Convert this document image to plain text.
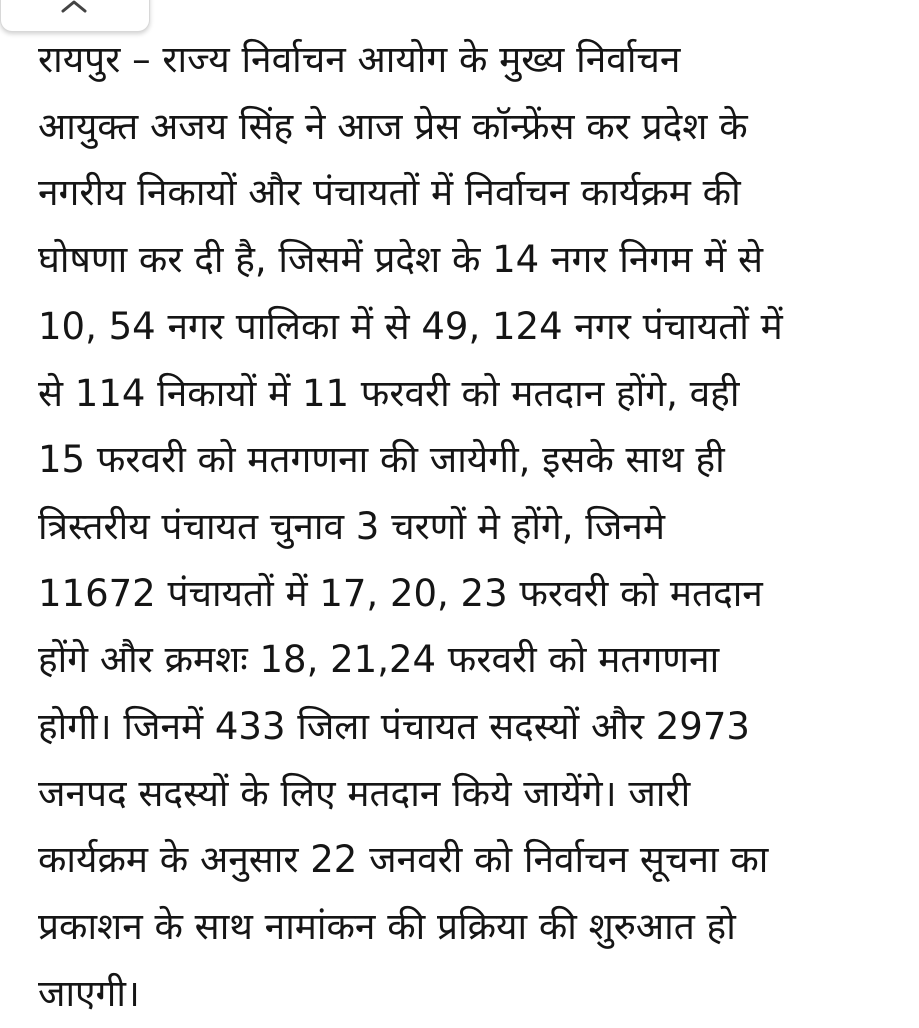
रायपुर – राज्य निर्वाचन आयोग के मुख्य निर्वाचन
आयुक्त अजय सिंह ने आज प्रेस कॉन्फ्रेंस कर प्रदेश के
नगरीय निकायों और पंचायतों में निर्वाचन कार्यक्रम की
घोषणा कर दी है, जिसमें प्रदेश के 14 नगर निगम में से
10, 54 नगर पालिका में से 49, 124 नगर पंचायतों में
से 114 निकायों में 11 फरवरी को मतदान होंगे, वही
15 फरवरी को मतगणना की जायेगी, इसके साथ ही
त्रिस्तरीय पंचायत चुनाव 3 चरणों मे होंगे, जिनमे
11672 पंचायतों में 17, 20, 23 फरवरी को मतदान
होंगे और क्रमशः 18, 21,24 फरवरी को मतगणना
होगी। जिनमें 433 जिला पंचायत सदस्यों और 2973
जनपद सदस्यों के लिए मतदान किये जायेंगे। जारी
कार्यक्रम के अनुसार 22 जनवरी को निर्वाचन सूचना का
प्रकाशन के साथ नामांकन की प्रक्रिया की शुरुआत हो
जाएगी।
